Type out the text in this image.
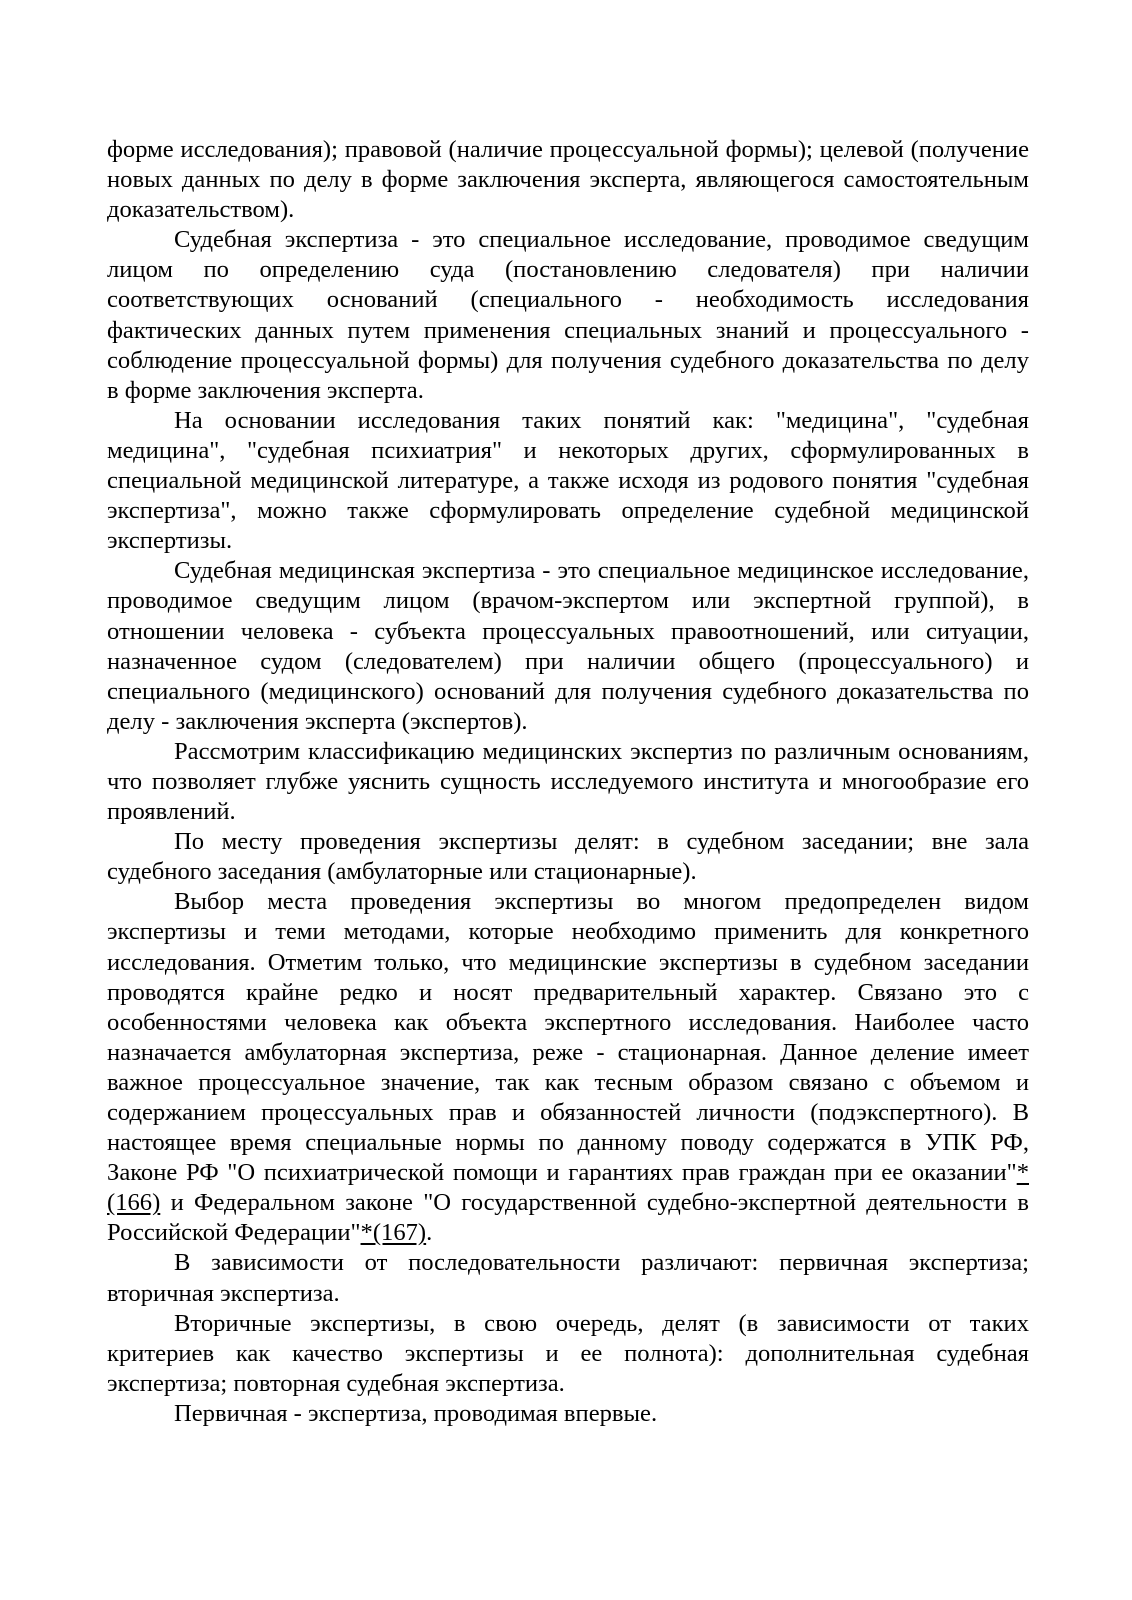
форме исследования); правовой (наличие процессуальной формы); целевой (получение новых данных по делу в форме заключения эксперта, являющегося самостоятельным доказательством).

Судебная экспертиза - это специальное исследование, проводимое сведущим лицом по определению суда (постановлению следователя) при наличии соответствующих оснований (специального - необходимость исследования фактических данных путем применения специальных знаний и процессуального - соблюдение процессуальной формы) для получения судебного доказательства по делу в форме заключения эксперта.

На основании исследования таких понятий как: "медицина", "судебная медицина", "судебная психиатрия" и некоторых других, сформулированных в специальной медицинской литературе, а также исходя из родового понятия "судебная экспертиза", можно также сформулировать определение судебной медицинской экспертизы.

Судебная медицинская экспертиза - это специальное медицинское исследование, проводимое сведущим лицом (врачом-экспертом или экспертной группой), в отношении человека - субъекта процессуальных правоотношений, или ситуации, назначенное судом (следователем) при наличии общего (процессуального) и специального (медицинского) оснований для получения судебного доказательства по делу - заключения эксперта (экспертов).

Рассмотрим классификацию медицинских экспертиз по различным основаниям, что позволяет глубже уяснить сущность исследуемого института и многообразие его проявлений.

По месту проведения экспертизы делят: в судебном заседании; вне зала судебного заседания (амбулаторные или стационарные).

Выбор места проведения экспертизы во многом предопределен видом экспертизы и теми методами, которые необходимо применить для конкретного исследования. Отметим только, что медицинские экспертизы в судебном заседании проводятся крайне редко и носят предварительный характер. Связано это с особенностями человека как объекта экспертного исследования. Наиболее часто назначается амбулаторная экспертиза, реже - стационарная. Данное деление имеет важное процессуальное значение, так как тесным образом связано с объемом и содержанием процессуальных прав и обязанностей личности (подэкспертного). В настоящее время специальные нормы по данному поводу содержатся в УПК РФ, Законе РФ "О психиатрической помощи и гарантиях прав граждан при ее оказании"*(166) и Федеральном законе "О государственной судебно-экспертной деятельности в Российской Федерации"*(167).

В зависимости от последовательности различают: первичная экспертиза; вторичная экспертиза.

Вторичные экспертизы, в свою очередь, делят (в зависимости от таких критериев как качество экспертизы и ее полнота): дополнительная судебная экспертиза; повторная судебная экспертиза.

Первичная - экспертиза, проводимая впервые.
